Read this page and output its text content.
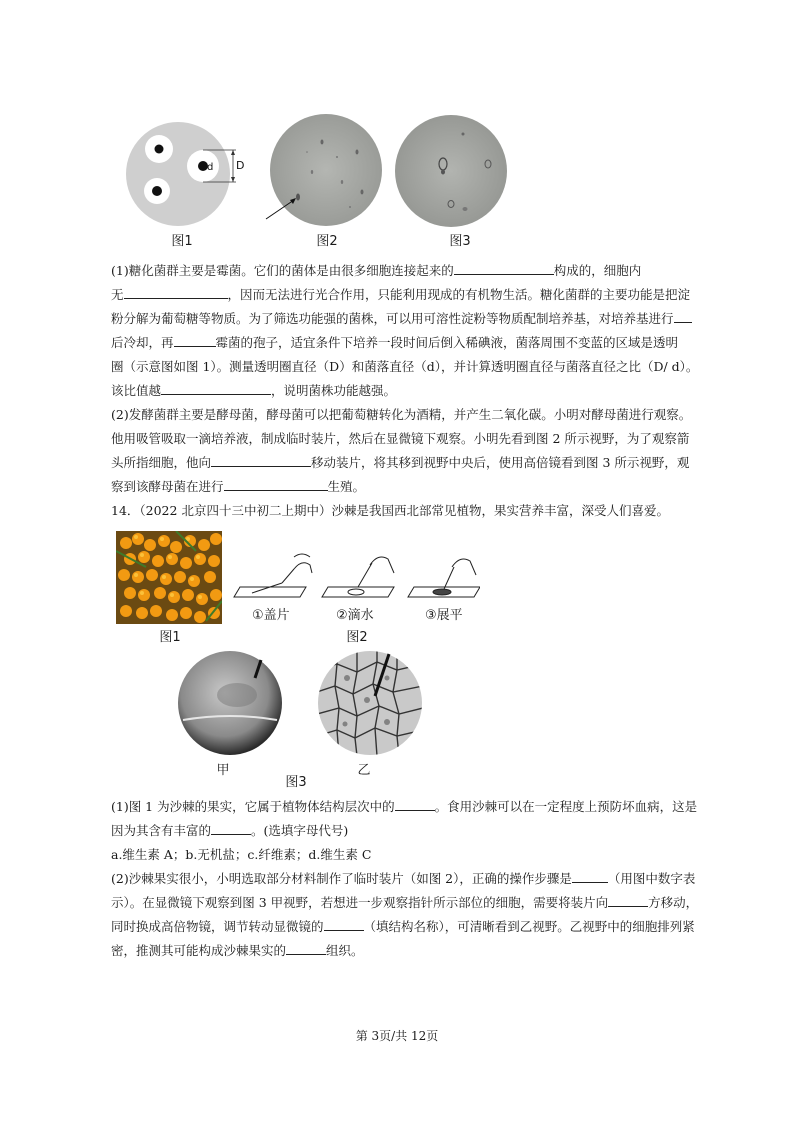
d D
图1	图2	图3

(1)糖化菌群主要是霉菌。它们的菌体是由很多细胞连接起来的	构成的，细胞内

无	，因而无法进行光合作用，只能利用现成的有机物生活。糖化菌群的主要功能是把淀

粉分解为葡萄糖等物质。为了筛选功能强的菌株，可以用可溶性淀粉等物质配制培养基，对培养基进行

后冷却，再	霉菌的孢子，适宜条件下培养一段时间后倒入稀碘液，菌落周围不变蓝的区域是透明

圈（示意图如图 1）。测量透明圈直径（D）和菌落直径（d），并计算透明圈直径与菌落直径之比（D/ d）。

该比值越	，说明菌株功能越强。

(2)发酵菌群主要是酵母菌，酵母菌可以把葡萄糖转化为酒精，并产生二氧化碳。小明对酵母菌进行观察。

他用吸管吸取一滴培养液，制成临时装片，然后在显微镜下观察。小明先看到图 2 所示视野，为了观察箭

头所指细胞，他向	移动装片，将其移到视野中央后，使用高倍镜看到图 3 所示视野，观

察到该酵母菌在进行	生殖。

14．（2022 北京四十三中初二上期中）沙棘是我国西北部常见植物，果实营养丰富，深受人们喜爱。

图1
①盖片	②滴水	③展平
图2
甲	乙
图3

(1)图 1 为沙棘的果实，它属于植物体结构层次中的	。食用沙棘可以在一定程度上预防坏血病，这是

因为其含有丰富的	。(选填字母代号)

a.维生素 A；b.无机盐；c.纤维素；d.维生素 C

(2)沙棘果实很小，小明选取部分材料制作了临时装片（如图 2），正确的操作步骤是	（用图中数字表

示）。在显微镜下观察到图 3 甲视野，若想进一步观察指针所示部位的细胞，需要将装片向	方移动，

同时换成高倍物镜，调节转动显微镜的	（填结构名称），可清晰看到乙视野。乙视野中的细胞排列紧

密，推测其可能构成沙棘果实的	组织。

第 3页/共 12页
